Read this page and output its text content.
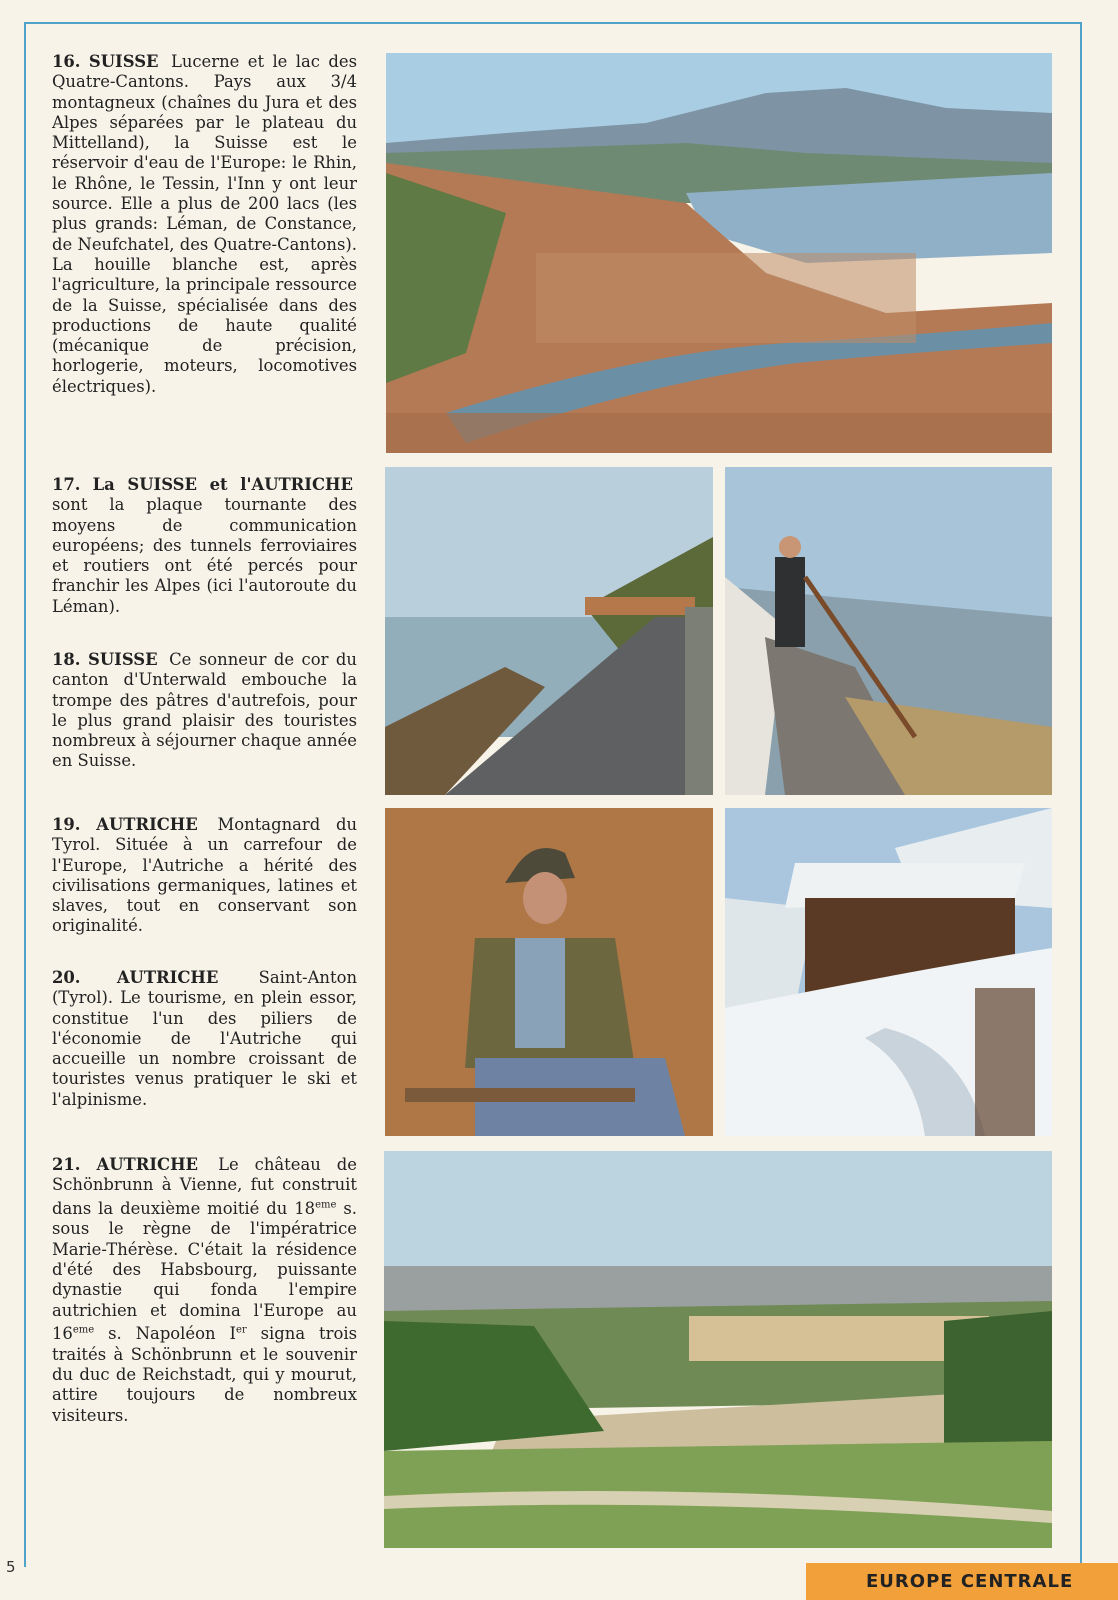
16. SUISSE Lucerne et le lac des Quatre-Cantons. Pays aux 3/4 montagneux (chaînes du Jura et des Alpes séparées par le plateau du Mittelland), la Suisse est le réservoir d'eau de l'Europe: le Rhin, le Rhône, le Tessin, l'Inn y ont leur source. Elle a plus de 200 lacs (les plus grands: Léman, de Constance, de Neufchatel, des Quatre-Cantons). La houille blanche est, après l'agriculture, la principale ressource de la Suisse, spécialisée dans des productions de haute qualité (mécanique de précision, horlogerie, moteurs, locomotives électriques).
17. La SUISSE et l'AUTRICHE sont la plaque tournante des moyens de communication européens; des tunnels ferroviaires et routiers ont été percés pour franchir les Alpes (ici l'autoroute du Léman).
18. SUISSE Ce sonneur de cor du canton d'Unterwald embouche la trompe des pâtres d'autrefois, pour le plus grand plaisir des touristes nombreux à séjourner chaque année en Suisse.
19. AUTRICHE Montagnard du Tyrol. Située à un carrefour de l'Europe, l'Autriche a hérité des civilisations germaniques, latines et slaves, tout en conservant son originalité.
20. AUTRICHE Saint-Anton (Tyrol). Le tourisme, en plein essor, constitue l'un des piliers de l'économie de l'Autriche qui accueille un nombre croissant de touristes venus pratiquer le ski et l'alpinisme.
21. AUTRICHE Le château de Schönbrunn à Vienne, fut construit dans la deuxième moitié du 18eme s. sous le règne de l'impératrice Marie-Thérèse. C'était la résidence d'été des Habsbourg, puissante dynastie qui fonda l'empire autrichien et domina l'Europe au 16eme s. Napoléon Ier signa trois traités à Schönbrunn et le souvenir du duc de Reichstadt, qui y mourut, attire toujours de nombreux visiteurs.
5
EUROPE CENTRALE
